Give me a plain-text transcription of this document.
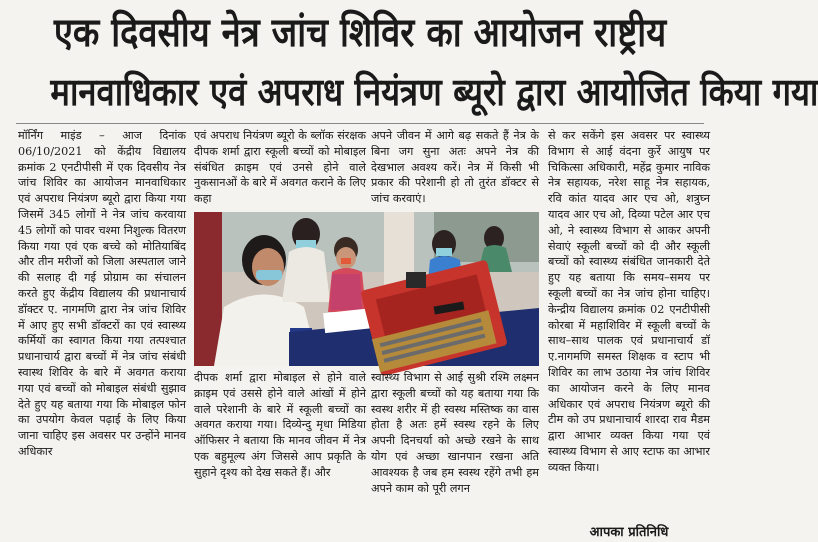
एक दिवसीय नेत्र जांच शिविर का आयोजन राष्ट्रीय
मानवाधिकार एवं अपराध नियंत्रण ब्यूरो द्वारा आयोजित किया गया

मॉर्निंग माइंड – आज दिनांक 06/10/2021 को केंद्रीय विद्यालय क्रमांक 2 एनटीपीसी में एक दिवसीय नेत्र जांच शिविर का आयोजन मानवाधिकार एवं अपराध नियंत्रण ब्यूरो द्वारा किया गया जिसमें 345 लोगों ने नेत्र जांच करवाया 45 लोगों को पावर चश्मा निशुल्क वितरण किया गया एवं एक बच्चे को मोतियाबिंद और तीन मरीजों को जिला अस्पताल जाने की सलाह दी गई प्रोग्राम का संचालन करते हुए केंद्रीय विद्यालय की प्रधानाचार्य डॉक्टर ए. नागमणि द्वारा नेत्र जांच शिविर में आए हुए सभी डॉक्टरों का एवं स्वास्थ्य कर्मियों का स्वागत किया गया तत्पश्चात प्रधानाचार्य द्वारा बच्चों में नेत्र जांच संबंधी स्वास्थ शिविर के बारे में अवगत कराया गया एवं बच्चों को मोबाइल संबंधी सुझाव देते हुए यह बताया गया कि मोबाइल फोन का उपयोग केवल पढ़ाई के लिए किया जाना चाहिए इस अवसर पर उन्होंने मानव अधिकार

एवं अपराध नियंत्रण ब्यूरो के ब्लॉक संरक्षक दीपक शर्मा द्वारा स्कूली बच्चों को मोबाइल संबंधित क्राइम एवं उनसे होने वाले नुकसानओं के बारे में अवगत कराने के लिए कहा

अपने जीवन में आगे बढ़ सकते हैं नेत्र के बिना जग सुना अतः अपने नेत्र की देखभाल अवश्य करें। नेत्र में किसी भी प्रकार की परेशानी हो तो तुरंत डॉक्टर से जांच करवाएं।

दीपक शर्मा द्वारा मोबाइल से होने वाले क्राइम एवं उससे होने वाले आंखों में होने वाले परेशानी के बारे में स्कूली बच्चों का अवगत कराया गया। दिव्येन्दु मृधा मिडिया ऑफिसर ने बताया कि मानव जीवन में नेत्र एक बहुमूल्य अंग जिससे आप प्रकृति के सुहाने दृश्य को देख सकते हैं। और

स्वास्थ्य विभाग से आई सुश्री रश्मि लक्ष्मन द्वारा स्कूली बच्चों को यह बताया गया कि स्वस्थ शरीर में ही स्वस्थ मस्तिष्क का वास होता है अतः हमें स्वस्थ रहने के लिए अपनी दिनचर्या को अच्छे रखने के साथ योग एवं अच्छा खानपान रखना अति आवश्यक है जब हम स्वस्थ रहेंगे तभी हम अपने काम को पूरी लगन

से कर सकेंगे इस अवसर पर स्वास्थ्य विभाग से आई वंदना कुर्रे आयुष पर चिकित्सा अधिकारी, महेंद्र कुमार नाविक नेत्र सहायक, नरेश साहू नेत्र सहायक, रवि कांत यादव आर एच ओ, शत्रुघ्न यादव आर एच ओ, दिव्या पटेल आर एच ओ, ने स्वास्थ्य विभाग से आकर अपनी सेवाएं स्कूली बच्चों को दी और स्कूली बच्चों को स्वास्थ्य संबंधित जानकारी देते हुए यह बताया कि समय–समय पर स्कूली बच्चों का नेत्र जांच होना चाहिए। केन्द्रीय विद्यालय क्रमांक 02 एनटीपीसी कोरबा में महाशिविर में स्कूली बच्चों के साथ–साथ पालक एवं प्रधानाचार्य डॉ ए.नागमणि समस्त शिक्षक व स्टाप भी शिविर का लाभ उठाया नेत्र जांच शिविर का आयोजन करने के लिए मानव अधिकार एवं अपराध नियंत्रण ब्यूरो की टीम को उप प्रधानाचार्य शारदा राव मैडम द्वारा आभार व्यक्त किया गया एवं स्वास्थ्य विभाग से आए स्टाफ का आभार व्यक्त किया।

आपका प्रतिनिधि
